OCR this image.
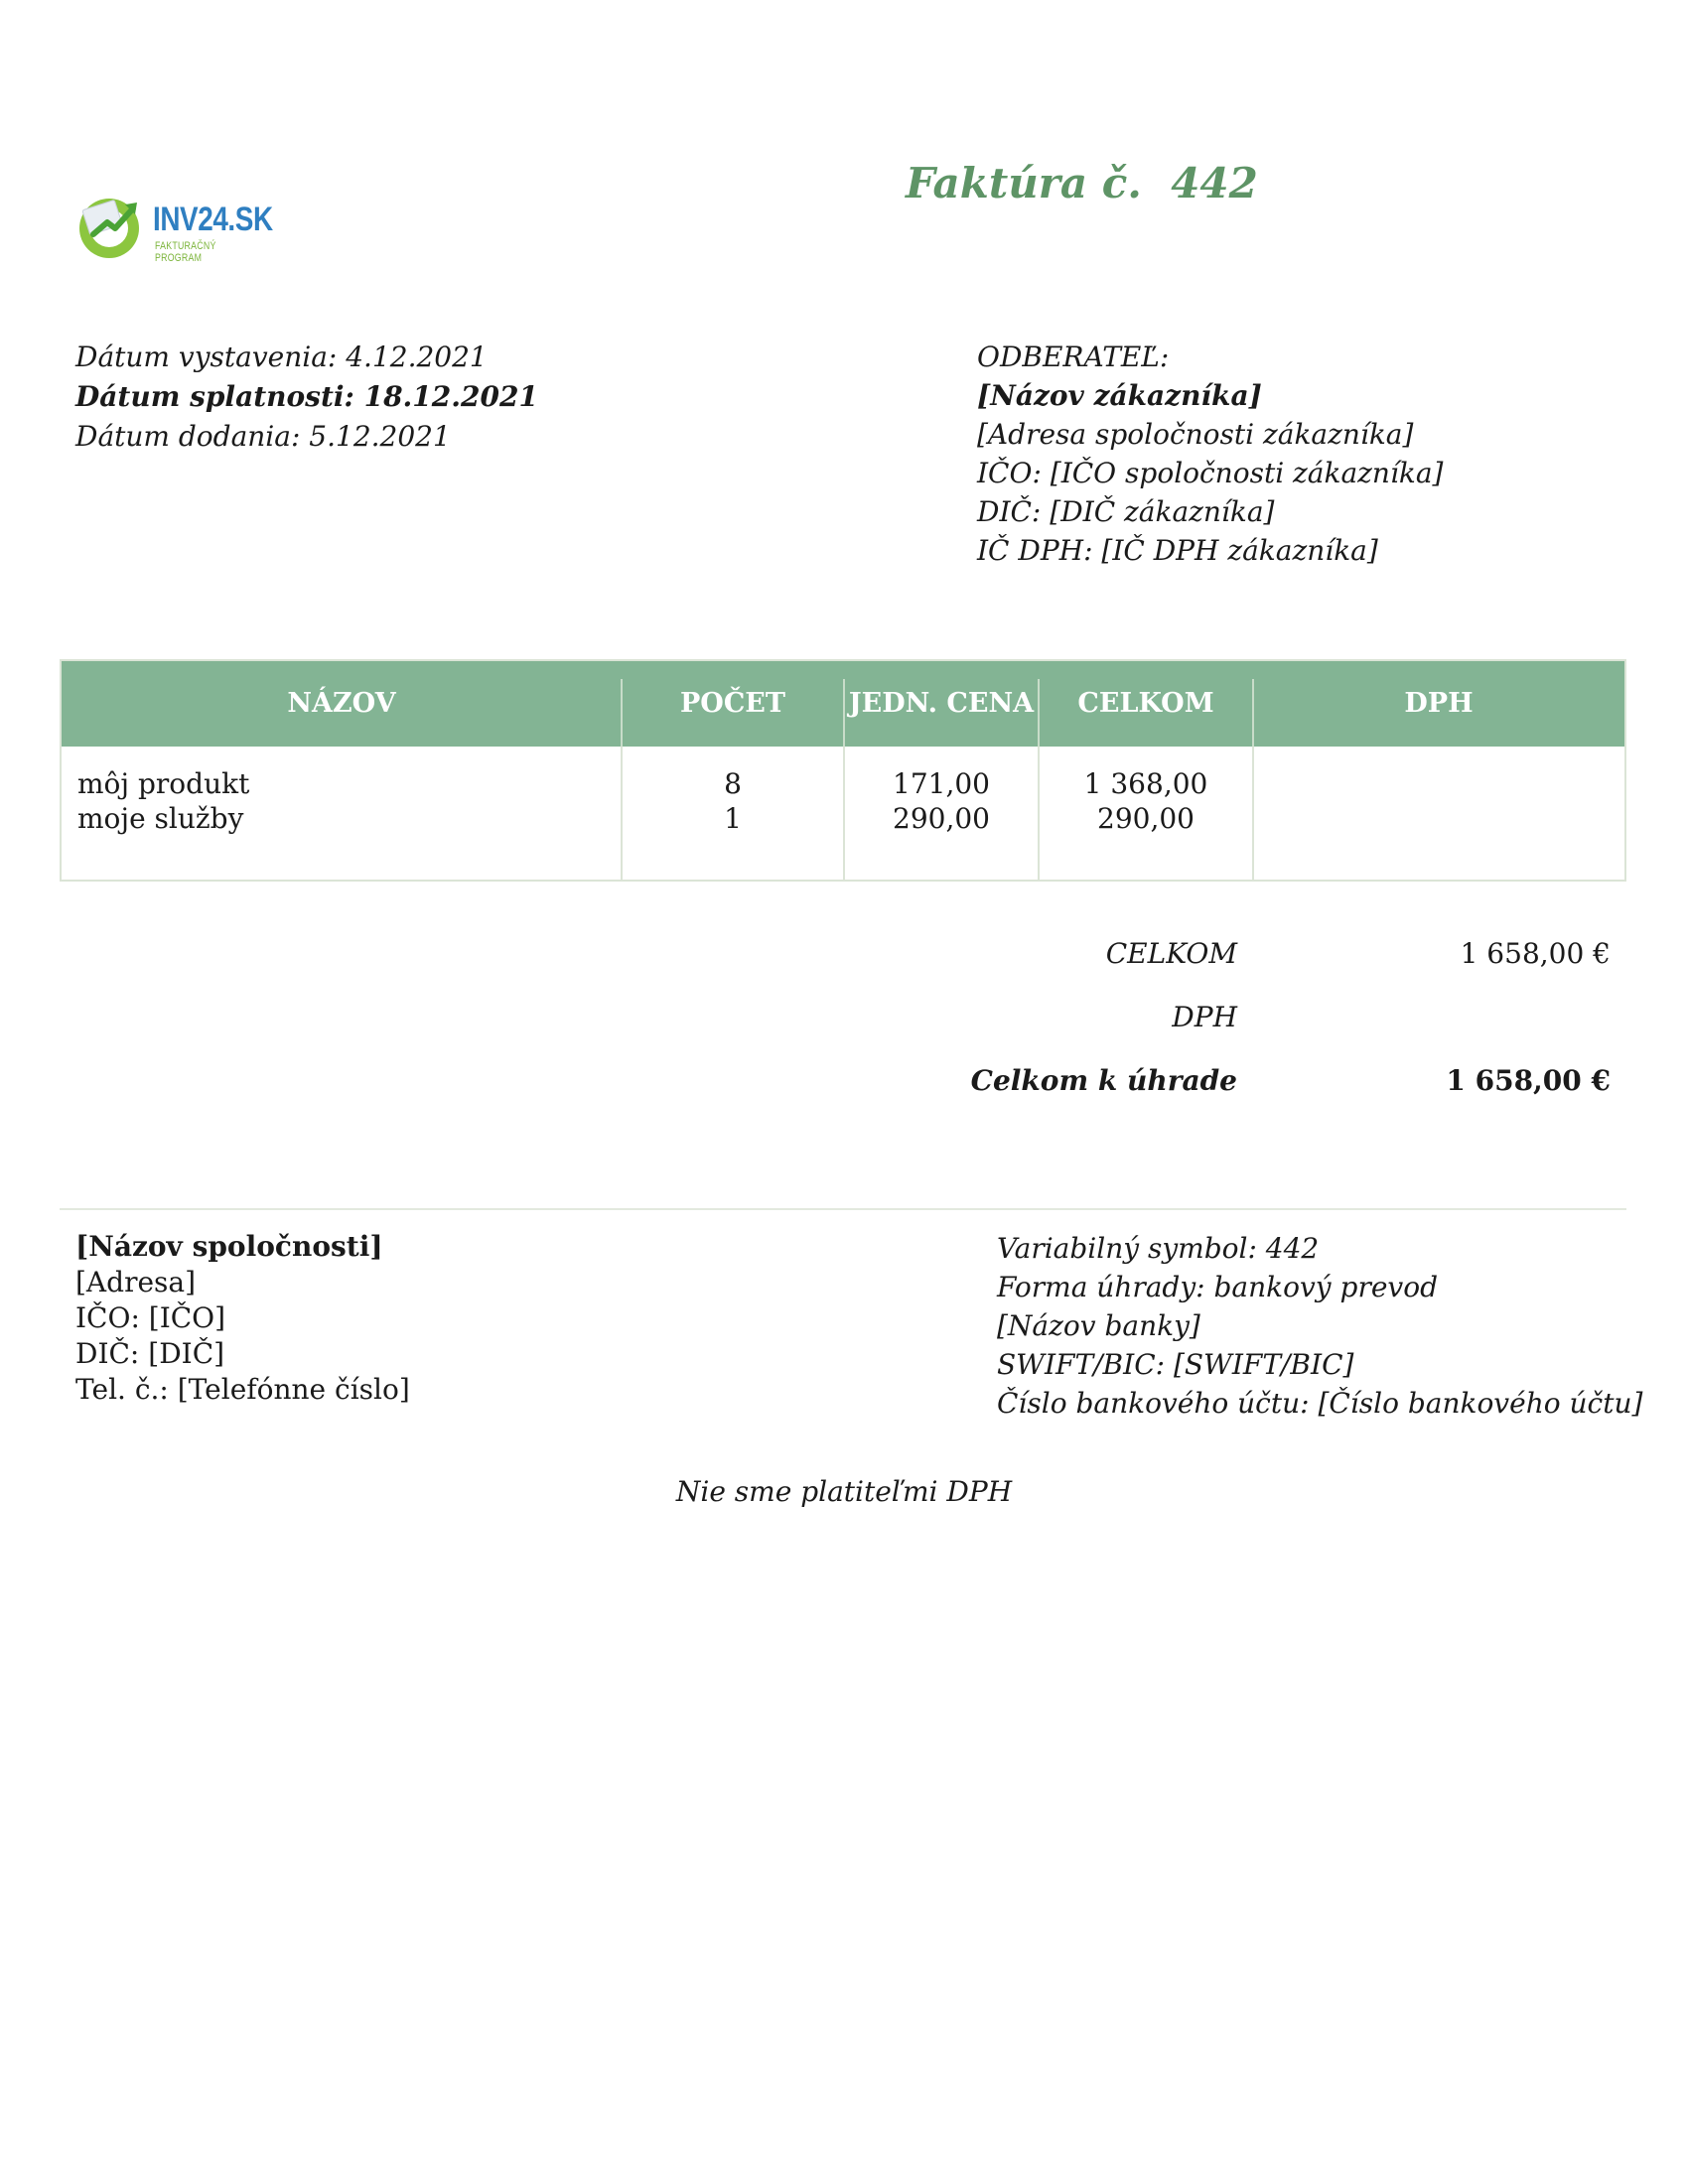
INV24.SK
FAKTURAČNÝ PROGRAM
Faktúra č. 442
Dátum vystavenia: 4.12.2021
Dátum splatnosti: 18.12.2021
Dátum dodania: 5.12.2021
ODBERATEĽ:
[Názov zákazníka]
[Adresa spoločnosti zákazníka]
IČO: [IČO spoločnosti zákazníka]
DIČ: [DIČ zákazníka]
IČ DPH: [IČ DPH zákazníka]
NÁZOV	POČET	JEDN. CENA	CELKOM	DPH
môj produkt	8	171,00	1 368,00
moje služby	1	290,00	290,00
CELKOM	1 658,00 €
DPH
Celkom k úhrade	1 658,00 €
[Názov spoločnosti]
[Adresa]
IČO: [IČO]
DIČ: [DIČ]
Tel. č.: [Telefónne číslo]
Variabilný symbol: 442
Forma úhrady: bankový prevod
[Názov banky]
SWIFT/BIC: [SWIFT/BIC]
Číslo bankového účtu: [Číslo bankového účtu]
Nie sme platiteľmi DPH
